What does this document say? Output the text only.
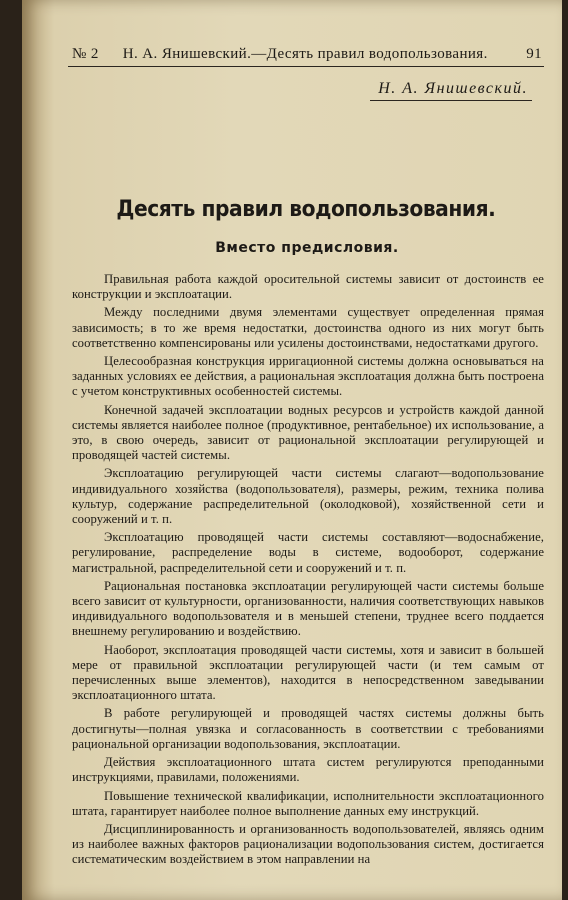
№ 2 Н. А. Янишевский.—Десять правил водопользования.	91
Н. А. Янишевский.
Десять правил водопользования.
Вместо предисловия.

Правильная работа каждой оросительной системы зависит от достоинств ее конструкции и эксплоатации.

Между последними двумя элементами существует определенная прямая зависимость; в то же время недостатки, достоинства одного из них могут быть соответственно компенсированы или усилены достоинствами, недостатками другого.

Целесообразная конструкция ирригационной системы должна основываться на заданных условиях ее действия, а рациональная эксплоатация должна быть построена с учетом конструктивных особенностей системы.

Конечной задачей эксплоатации водных ресурсов и устройств каждой данной системы является наиболее полное (продуктивное, рентабельное) их использование, а это, в свою очередь, зависит от рациональной эксплоатации регулирующей и проводящей частей системы.

Эксплоатацию регулирующей части системы слагают—водопользование индивидуального хозяйства (водопользователя), размеры, режим, техника полива культур, содержание распределительной (околодковой), хозяйственной сети и сооружений и т. п.

Эксплоатацию проводящей части системы составляют—водоснабжение, регулирование, распределение воды в системе, водооборот, содержание магистральной, распределительной сети и сооружений и т. п.

Рациональная постановка эксплоатации регулирующей части системы больше всего зависит от культурности, организованности, наличия соответствующих навыков индивидуального водопользователя и в меньшей степени, труднее всего поддается внешнему регулированию и воздействию.

Наоборот, эксплоатация проводящей части системы, хотя и зависит в большей мере от правильной эксплоатации регулирующей части (и тем самым от перечисленных выше элементов), находится в непосредственном заведывании эксплоатационного штата.

В работе регулирующей и проводящей частях системы должны быть достигнуты—полная увязка и согласованность в соответствии с требованиями рациональной организации водопользования, эксплоатации.

Действия эксплоатационного штата систем регулируются преподанными инструкциями, правилами, положениями.

Повышение технической квалификации, исполнительности эксплоатационного штата, гарантирует наиболее полное выполнение данных ему инструкций.

Дисциплинированность и организованность водопользователей, являясь одним из наиболее важных факторов рационализации водопользования систем, достигается систематическим воздействием в этом направлении на
